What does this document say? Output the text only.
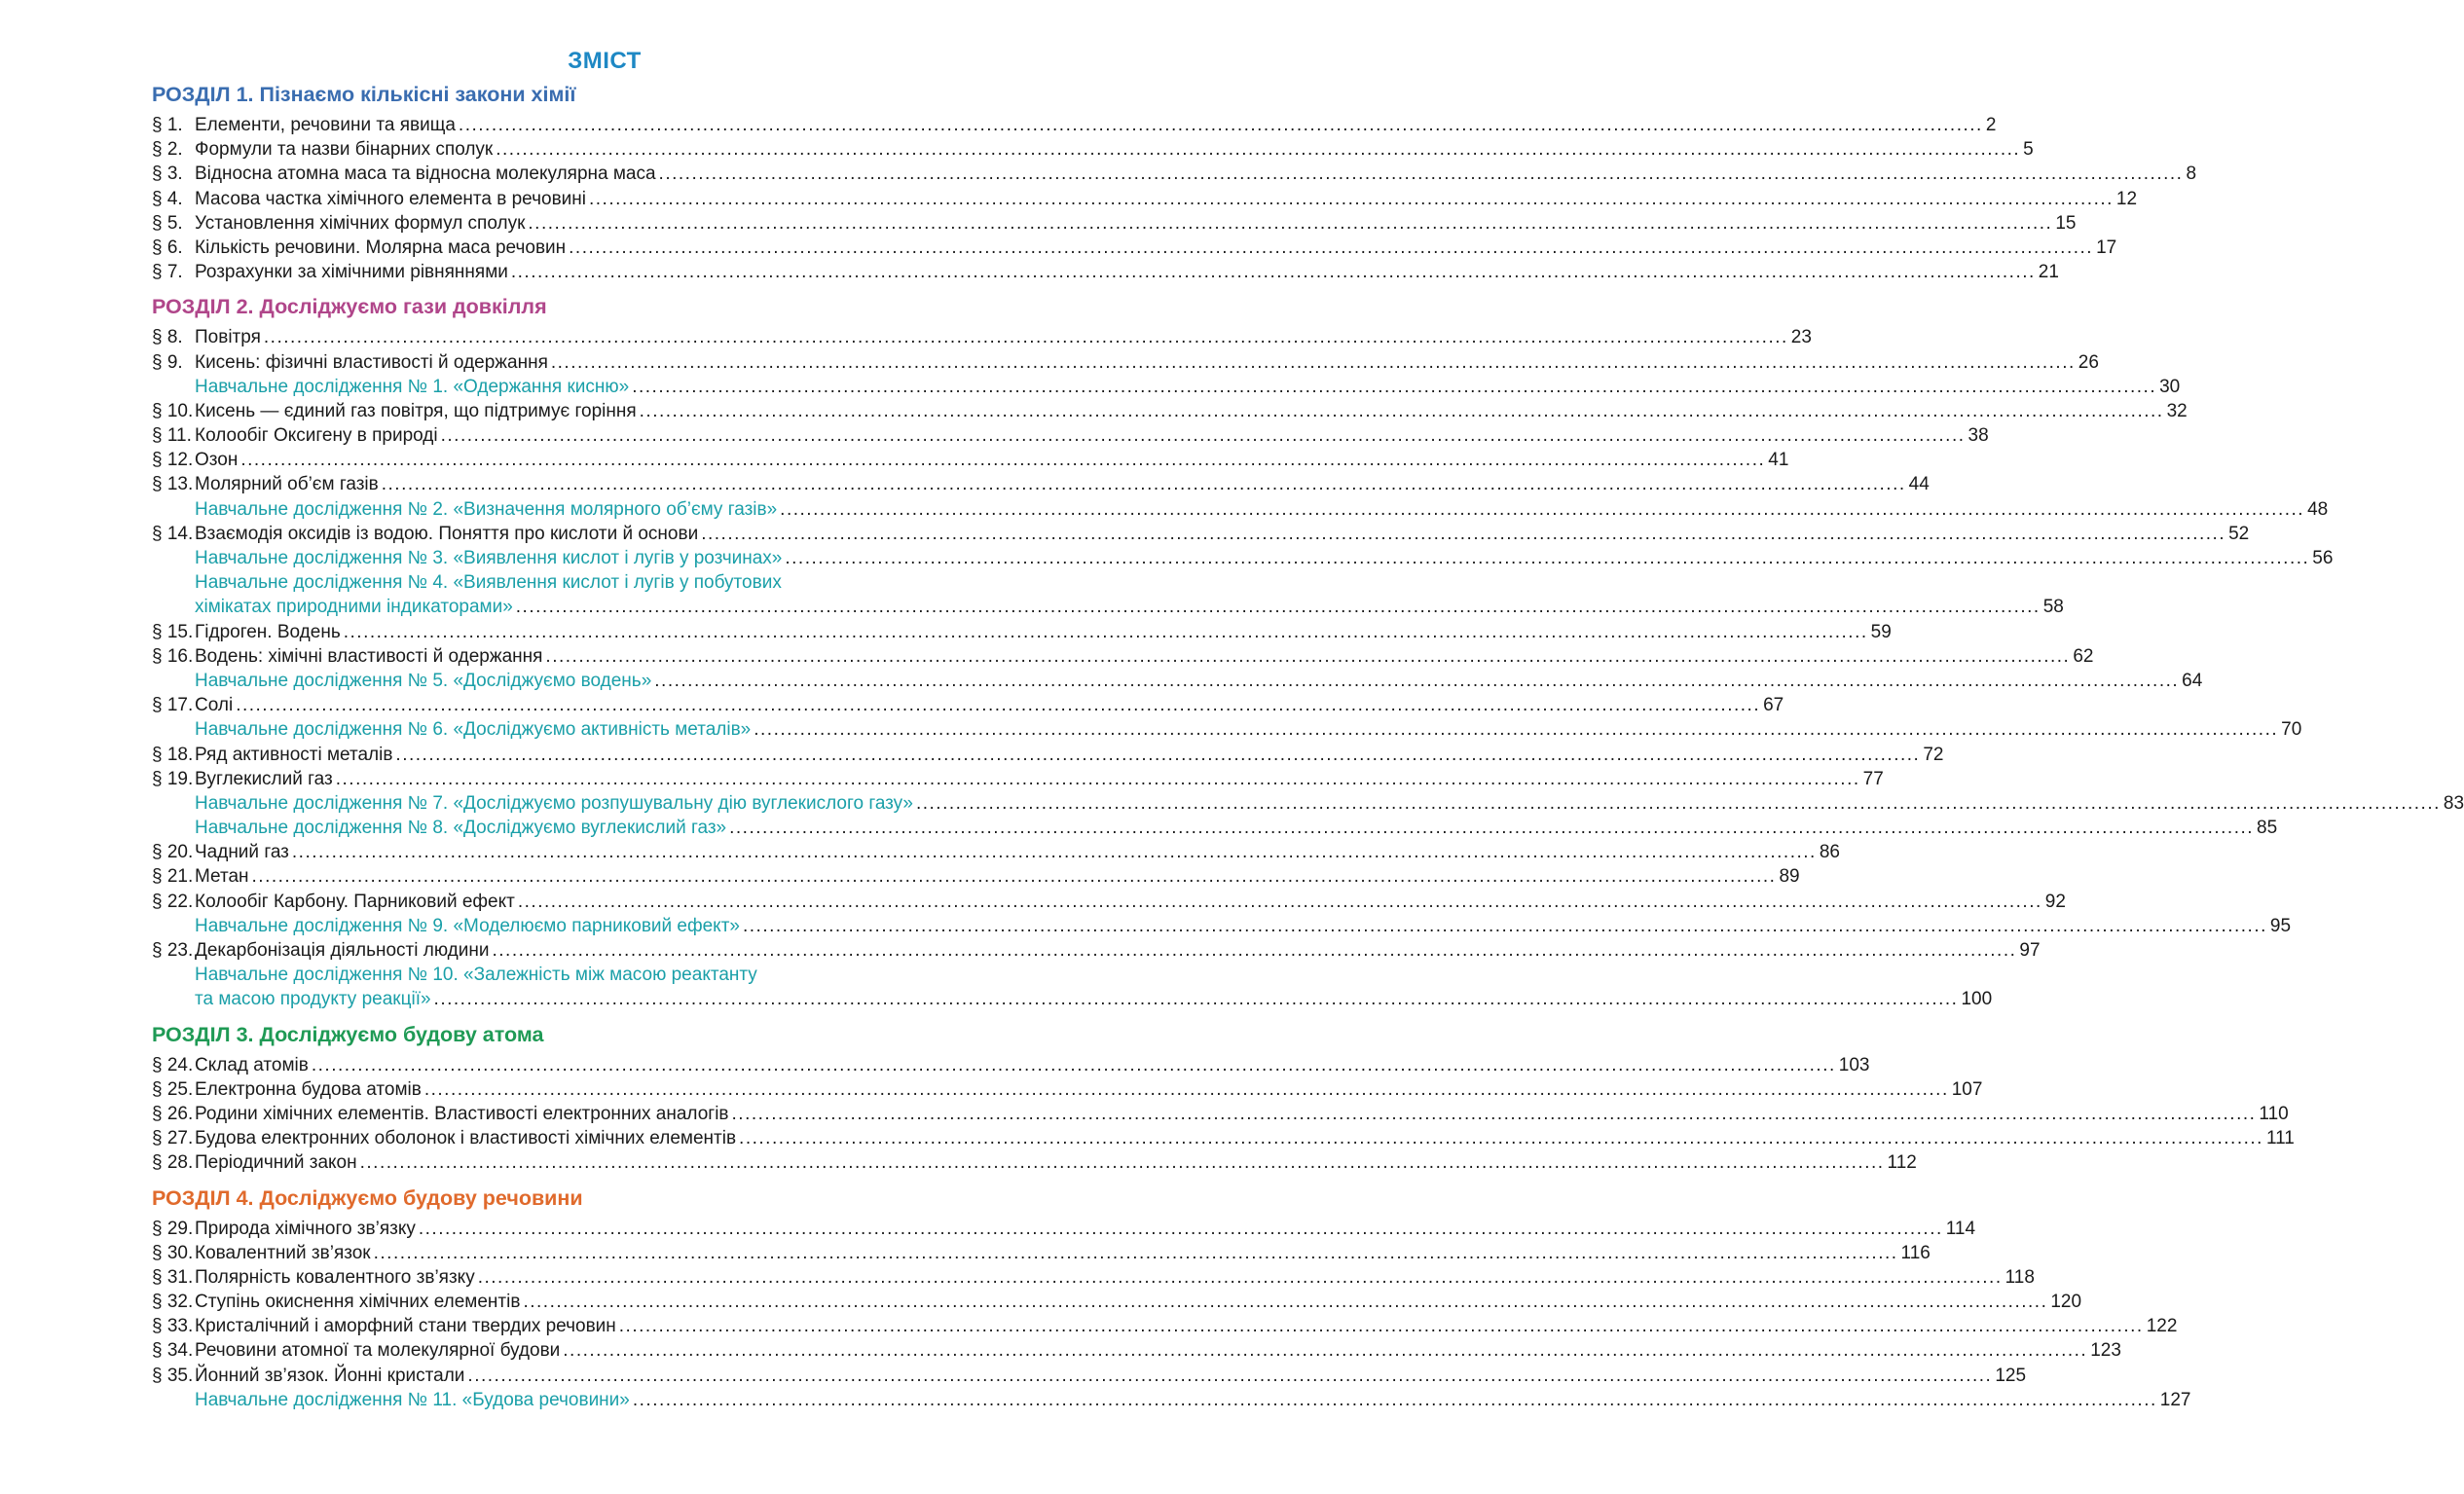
ЗМІСТ
РОЗДІЛ 1. Пізнаємо кількісні закони хімії
§ 1. Елементи, речовини та явища .....	2
§ 2. Формули та назви бінарних сполук .....	5
§ 3. Відносна атомна маса та відносна молекулярна маса .....	8
§ 4. Масова частка хімічного елемента в речовині .....	12
§ 5. Установлення хімічних формул сполук .....	15
§ 6. Кількість речовини. Молярна маса речовин .....	17
§ 7. Розрахунки за хімічними рівняннями .....	21
РОЗДІЛ 2. Досліджуємо гази довкілля
§ 8. Повітря .....	23
§ 9. Кисень: фізичні властивості й одержання .....	26
Навчальне дослідження № 1. «Одержання кисню» .....	30
§ 10. Кисень — єдиний газ повітря, що підтримує горіння .....	32
§ 11. Колообіг Оксигену в природі .....	38
§ 12. Озон .....	41
§ 13. Молярний об’єм газів .....	44
Навчальне дослідження № 2. «Визначення молярного об’єму газів» .....	48
§ 14. Взаємодія оксидів із водою. Поняття про кислоти й основи .....	52
Навчальне дослідження № 3. «Виявлення кислот і лугів у розчинах» .....	56
Навчальне дослідження № 4. «Виявлення кислот і лугів у побутових
хімікатах природними індикаторами» .....	58
§ 15. Гідроген. Водень .....	59
§ 16. Водень: хімічні властивості й одержання .....	62
Навчальне дослідження № 5. «Досліджуємо водень» .....	64
§ 17. Солі .....	67
Навчальне дослідження № 6. «Досліджуємо активність металів» .....	70
§ 18. Ряд активності металів .....	72
§ 19. Вуглекислий газ .....	77
Навчальне дослідження № 7. «Досліджуємо розпушувальну дію вуглекислого газу» .....	83
Навчальне дослідження № 8. «Досліджуємо вуглекислий газ» .....	85
§ 20. Чадний газ .....	86
§ 21. Метан .....	89
§ 22. Колообіг Карбону. Парниковий ефект .....	92
Навчальне дослідження № 9. «Моделюємо парниковий ефект» .....	95
§ 23. Декарбонізація діяльності людини .....	97
Навчальне дослідження № 10. «Залежність між масою реактанту
та масою продукту реакції» .....	100
РОЗДІЛ 3. Досліджуємо будову атома
§ 24. Склад атомів .....	103
§ 25. Електронна будова атомів .....	107
§ 26. Родини хімічних елементів. Властивості електронних аналогів .....	110
§ 27. Будова електронних оболонок і властивості хімічних елементів .....	111
§ 28. Періодичний закон .....	112
РОЗДІЛ 4. Досліджуємо будову речовини
§ 29. Природа хімічного зв’язку .....	114
§ 30. Ковалентний зв’язок .....	116
§ 31. Полярність ковалентного зв’язку .....	118
§ 32. Ступінь окиснення хімічних елементів .....	120
§ 33. Кристалічний і аморфний стани твердих речовин .....	122
§ 34. Речовини атомної та молекулярної будови .....	123
§ 35. Йонний зв’язок. Йонні кристали .....	125
Навчальне дослідження № 11. «Будова речовини» .....	127
